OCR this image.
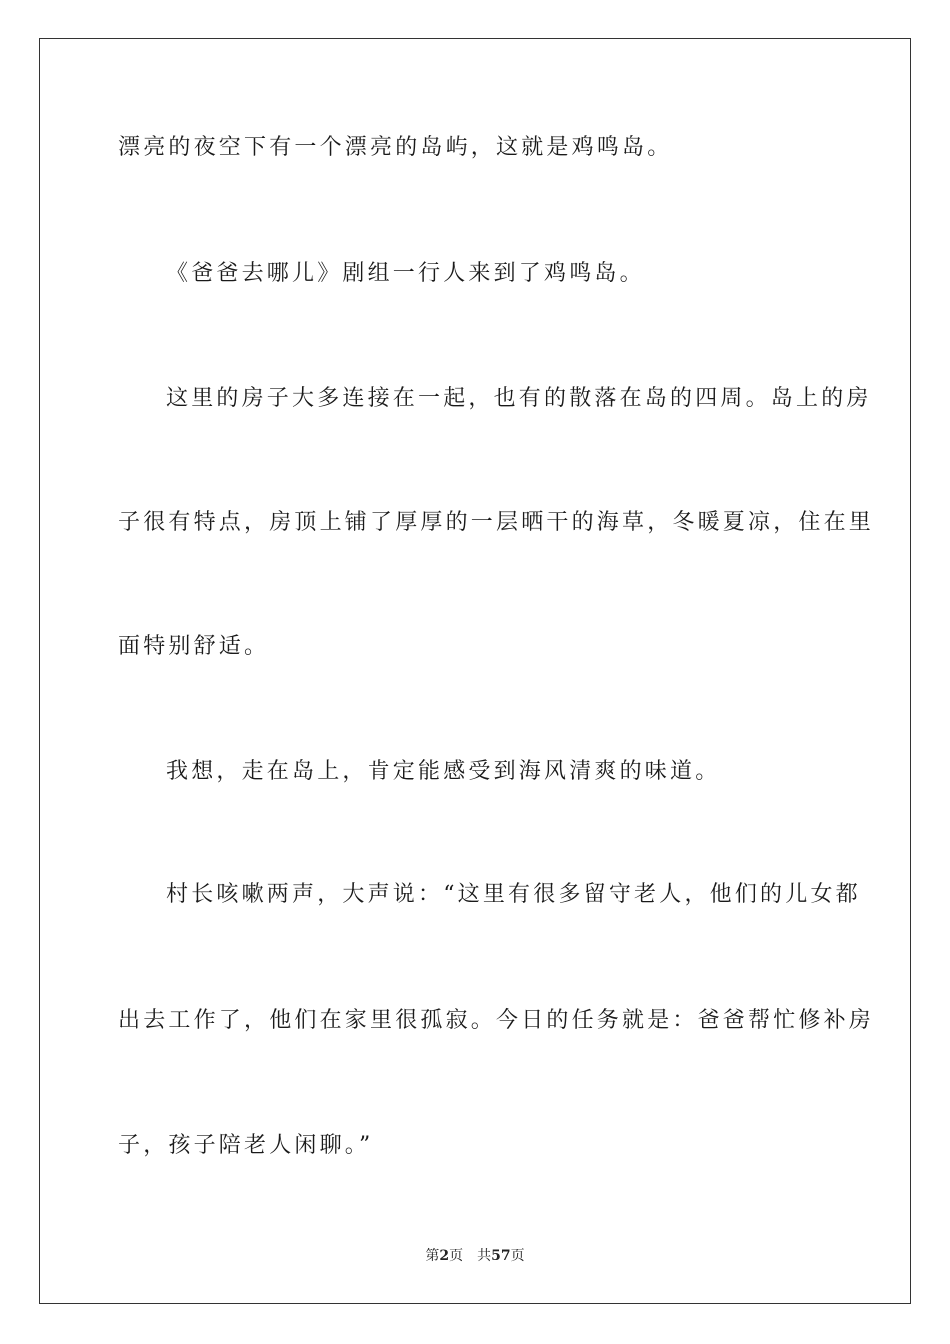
漂亮的夜空下有一个漂亮的岛屿，这就是鸡鸣岛。
《爸爸去哪儿》剧组一行人来到了鸡鸣岛。
这里的房子大多连接在一起，也有的散落在岛的四周。岛上的房
子很有特点，房顶上铺了厚厚的一层晒干的海草，冬暖夏凉，住在里
面特别舒适。
我想，走在岛上，肯定能感受到海风清爽的味道。
村长咳嗽两声，大声说：“这里有很多留守老人，他们的儿女都
出去工作了，他们在家里很孤寂。今日的任务就是：爸爸帮忙修补房
子，孩子陪老人闲聊。”
第2页 共57页
